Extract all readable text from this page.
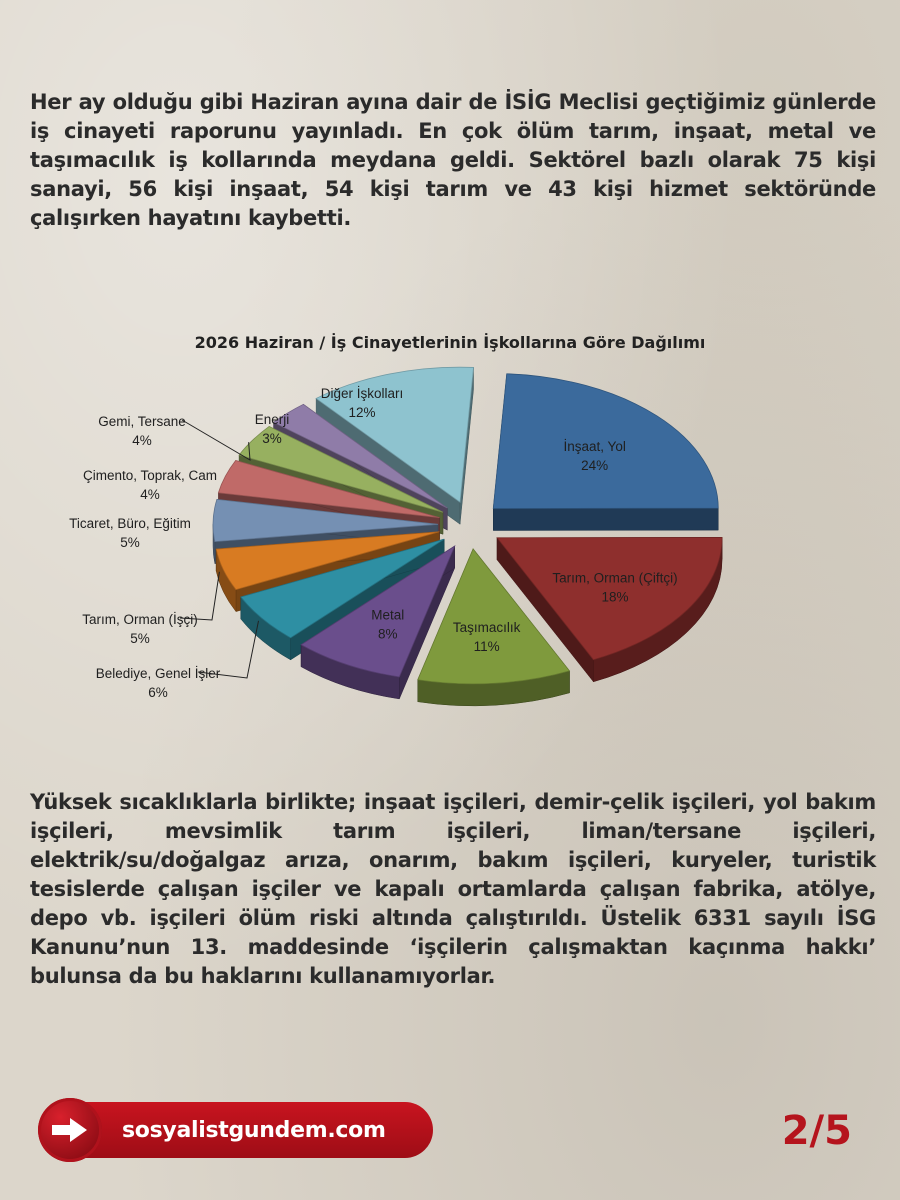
Her ay olduğu gibi Haziran ayına dair de İSİG Meclisi geçtiğimiz günlerde iş cinayeti raporunu yayınladı. En çok ölüm tarım, inşaat, metal ve taşımacılık iş kollarında meydana geldi. Sektörel bazlı olarak 75 kişi sanayi, 56 kişi inşaat, 54 kişi tarım ve 43 kişi hizmet sektöründe çalışırken hayatını kaybetti.

2026 Haziran / İş Cinayetlerinin İşkollarına Göre Dağılımı
İnşaat, Yol
24%
Tarım, Orman (Çiftçi)
18%
Taşımacılık
11%
Metal
8%
Belediye, Genel İşler
6%
Tarım, Orman (İşçi)
5%
Ticaret, Büro, Eğitim
5%
Çimento, Toprak, Cam
4%
Gemi, Tersane
4%
Enerji
3%
Diğer İşkolları
12%

Yüksek sıcaklıklarla birlikte; inşaat işçileri, demir-çelik işçileri, yol bakım işçileri, mevsimlik tarım işçileri, liman/tersane işçileri, elektrik/su/doğalgaz arıza, onarım, bakım işçileri, kuryeler, turistik tesislerde çalışan işçiler ve kapalı ortamlarda çalışan fabrika, atölye, depo vb. işçileri ölüm riski altında çalıştırıldı. Üstelik 6331 sayılı İSG Kanunu’nun 13. maddesinde ‘işçilerin çalışmaktan kaçınma hakkı’ bulunsa da bu haklarını kullanamıyorlar.

sosyalistgundem.com	2/5
